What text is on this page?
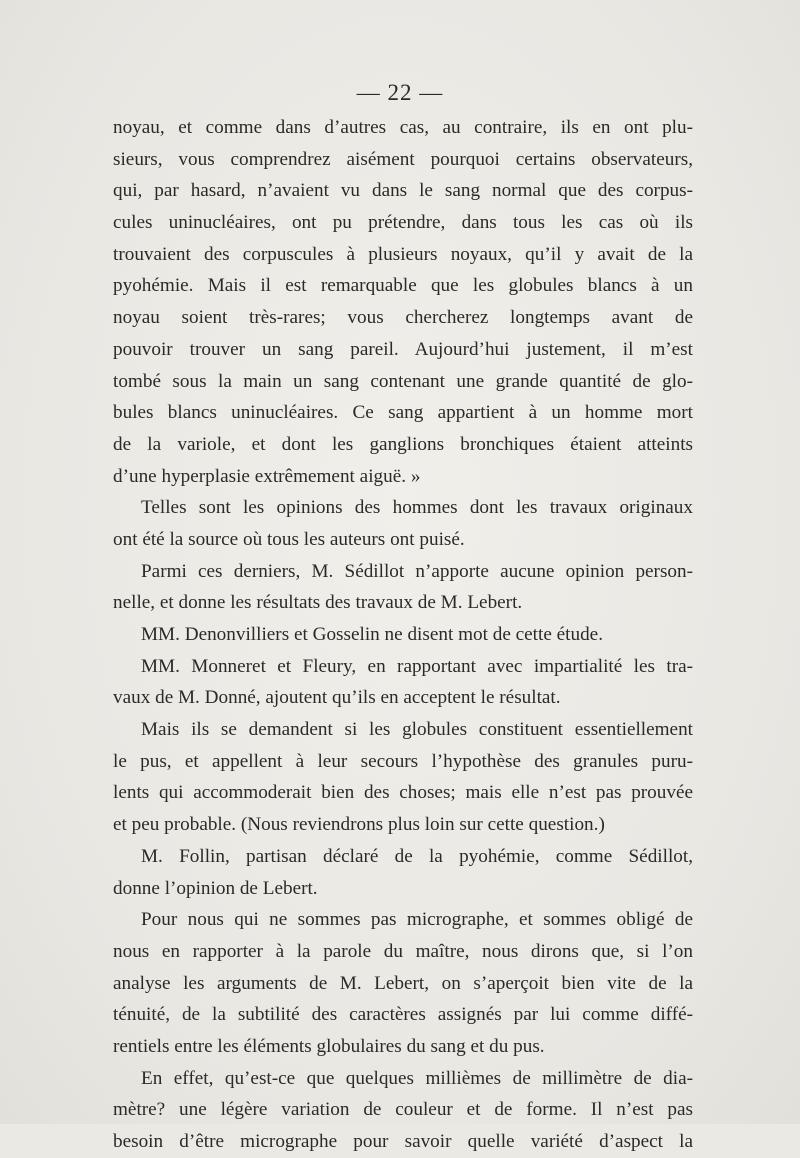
— 22 —
noyau, et comme dans d’autres cas, au contraire, ils en ont plu-
sieurs, vous comprendrez aisément pourquoi certains observateurs,
qui, par hasard, n’avaient vu dans le sang normal que des corpus-
cules uninucléaires, ont pu prétendre, dans tous les cas où ils
trouvaient des corpuscules à plusieurs noyaux, qu’il y avait de la
pyohémie. Mais il est remarquable que les globules blancs à un
noyau soient très-rares; vous chercherez longtemps avant de
pouvoir trouver un sang pareil. Aujourd’hui justement, il m’est
tombé sous la main un sang contenant une grande quantité de glo-
bules blancs uninucléaires. Ce sang appartient à un homme mort
de la variole, et dont les ganglions bronchiques étaient atteints
d’une hyperplasie extrêmement aiguë. »
Telles sont les opinions des hommes dont les travaux originaux
ont été la source où tous les auteurs ont puisé.
Parmi ces derniers, M. Sédillot n’apporte aucune opinion person-
nelle, et donne les résultats des travaux de M. Lebert.
MM. Denonvilliers et Gosselin ne disent mot de cette étude.
MM. Monneret et Fleury, en rapportant avec impartialité les tra-
vaux de M. Donné, ajoutent qu’ils en acceptent le résultat.
Mais ils se demandent si les globules constituent essentiellement
le pus, et appellent à leur secours l’hypothèse des granules puru-
lents qui accommoderait bien des choses; mais elle n’est pas prouvée
et peu probable. (Nous reviendrons plus loin sur cette question.)
M. Follin, partisan déclaré de la pyohémie, comme Sédillot,
donne l’opinion de Lebert.
Pour nous qui ne sommes pas micrographe, et sommes obligé de
nous en rapporter à la parole du maître, nous dirons que, si l’on
analyse les arguments de M. Lebert, on s’aperçoit bien vite de la
ténuité, de la subtilité des caractères assignés par lui comme diffé-
rentiels entre les éléments globulaires du sang et du pus.
En effet, qu’est-ce que quelques millièmes de millimètre de dia-
mètre? une légère variation de couleur et de forme. Il n’est pas
besoin d’être micrographe pour savoir quelle variété d’aspect la
